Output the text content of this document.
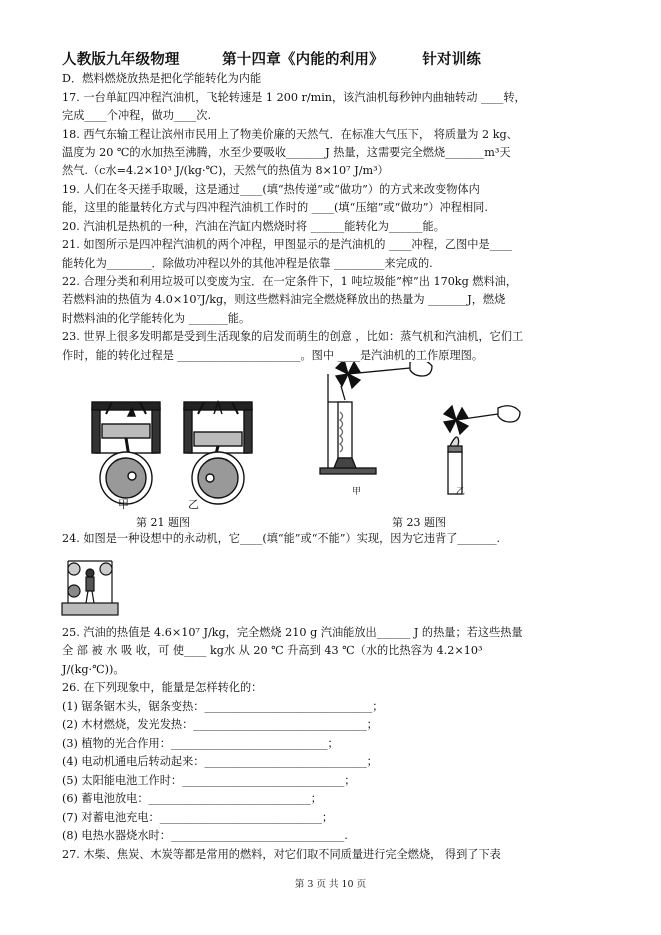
人教版九年级物理	第十四章《内能的利用》	针对训练
D．燃料燃烧放热是把化学能转化为内能
17. 一台单缸四冲程汽油机，飞轮转速是 1 200 r/min，该汽油机每秒钟内曲轴转动 ____转，
完成____个冲程，做功____次.
18. 西气东输工程让滨州市民用上了物美价廉的天然气．在标准大气压下， 将质量为 2 kg、
温度为 20 ℃的水加热至沸腾，水至少要吸收_______J 热量，这需要完全燃烧_______m³天
然气.（c水=4.2×10³ J/(kg·℃)，天然气的热值为 8×10⁷ J/m³）
19. 人们在冬天搓手取暖，这是通过____(填“热传递”或“做功”）的方式来改变物体内
能，这里的能量转化方式与四冲程汽油机工作时的 ____(填“压缩”或“做功”）冲程相同.
20. 汽油机是热机的一种，汽油在汽缸内燃烧时将 ______能转化为______能。
21. 如图所示是四冲程汽油机的两个冲程，甲图显示的是汽油机的 ____冲程，乙图中是____
能转化为________．除做功冲程以外的其他冲程是依靠 _________来完成的.
22. 合理分类和利用垃圾可以变废为宝．在一定条件下，1 吨垃圾能”榨”出 170kg 燃料油，
若燃料油的热值为 4.0×10⁷J/kg，则这些燃料油完全燃烧释放出的热量为 _______J，燃烧
时燃料油的化学能转化为 _______能。
23. 世界上很多发明都是受到生活现象的启发而萌生的创意 ，比如：蒸气机和汽油机，它们工
作时，能的转化过程是 ______________________。图中 ____是汽油机的工作原理图。
甲	乙
第 21 题图
甲	乙
第 23 题图
24. 如图是一种设想中的永动机，它____(填“能”或“不能”）实现，因为它违背了_______.
25. 汽油的热值是 4.6×10⁷ J/kg，完全燃烧 210 g 汽油能放出______ J 的热量；若这些热量
全 部 被 水 吸 收，可 使____ kg水 从 20 ℃ 升高到 43 ℃（水的比热容为 4.2×10³
J/(kg·℃))。
26. 在下列现象中，能量是怎样转化的：
(1) 锯条锯木头，锯条变热：______________________________；
(2) 木材燃烧，发光发热：_______________________________；
(3) 植物的光合作用：____________________________；
(4) 电动机通电后转动起来：_____________________________；
(5) 太阳能电池工作时：_____________________________；
(6) 蓄电池放电：_____________________________；
(7) 对蓄电池充电：_____________________________；
(8) 电热水器烧水时：_______________________________.
27. 木柴、焦炭、木炭等都是常用的燃料，对它们取不同质量进行完全燃烧， 得到了下表
第 3 页 共 10 页
